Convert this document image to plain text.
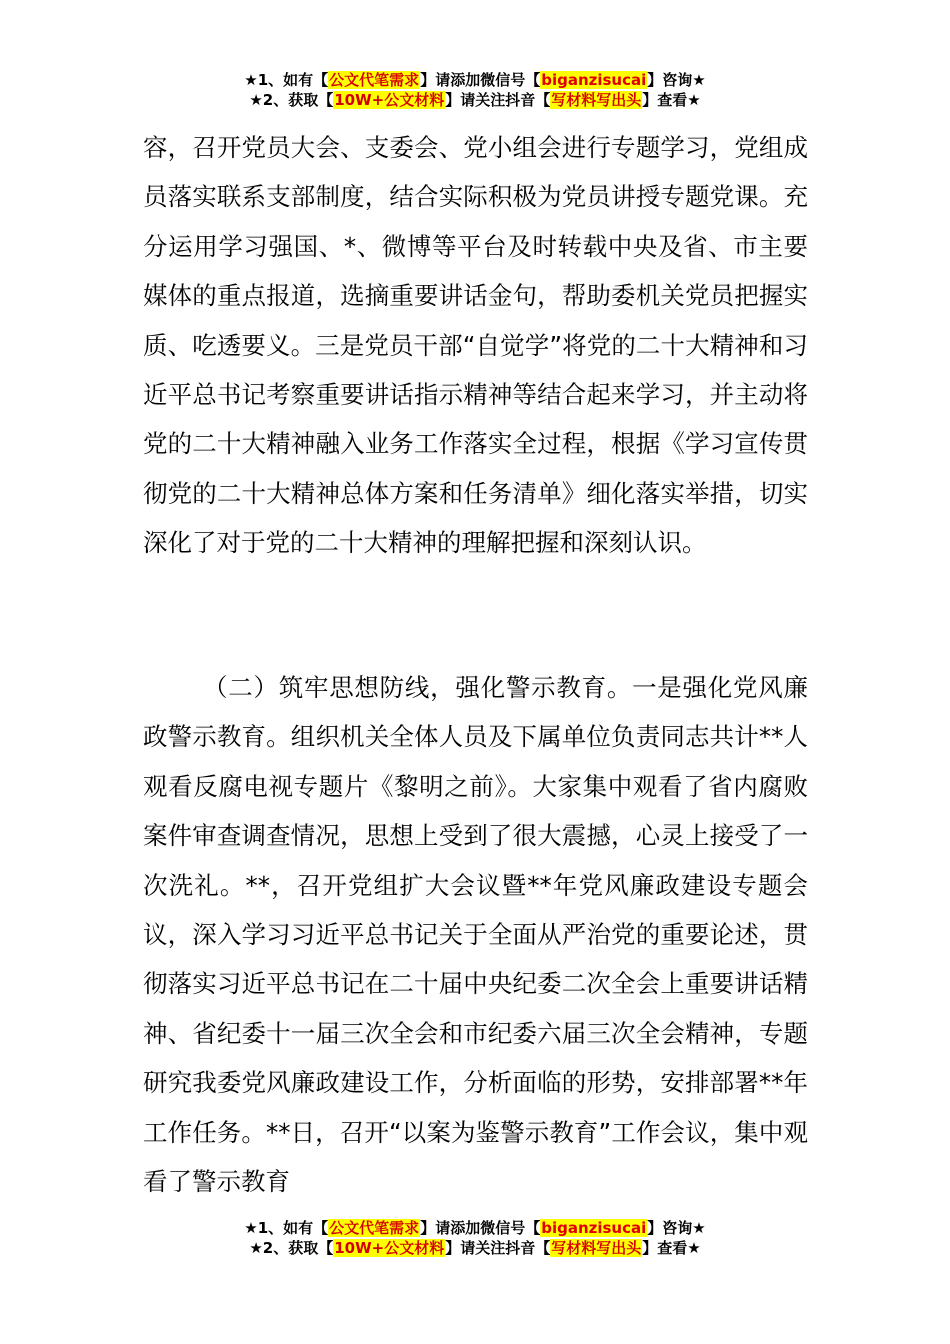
★1、如有【公文代笔需求】请添加微信号【biganzisucai】咨询★
★2、获取【10W+公文材料】请关注抖音【写材料写出头】查看★

容，召开党员大会、支委会、党小组会进行专题学习，党组成员落实联系支部制度，结合实际积极为党员讲授专题党课。充分运用学习强国、*、微博等平台及时转载中央及省、市主要媒体的重点报道，选摘重要讲话金句，帮助委机关党员把握实质、吃透要义。三是党员干部“自觉学”将党的二十大精神和习近平总书记考察重要讲话指示精神等结合起来学习，并主动将党的二十大精神融入业务工作落实全过程，根据《学习宣传贯彻党的二十大精神总体方案和任务清单》细化落实举措，切实深化了对于党的二十大精神的理解把握和深刻认识。

（二）筑牢思想防线，强化警示教育。一是强化党风廉政警示教育。组织机关全体人员及下属单位负责同志共计**人观看反腐电视专题片《黎明之前》。大家集中观看了省内腐败案件审查调查情况，思想上受到了很大震撼，心灵上接受了一次洗礼。**，召开党组扩大会议暨**年党风廉政建设专题会议，深入学习习近平总书记关于全面从严治党的重要论述，贯彻落实习近平总书记在二十届中央纪委二次全会上重要讲话精神、省纪委十一届三次全会和市纪委六届三次全会精神，专题研究我委党风廉政建设工作，分析面临的形势，安排部署**年工作任务。**日，召开“以案为鉴警示教育”工作会议，集中观看了警示教育

★1、如有【公文代笔需求】请添加微信号【biganzisucai】咨询★
★2、获取【10W+公文材料】请关注抖音【写材料写出头】查看★
